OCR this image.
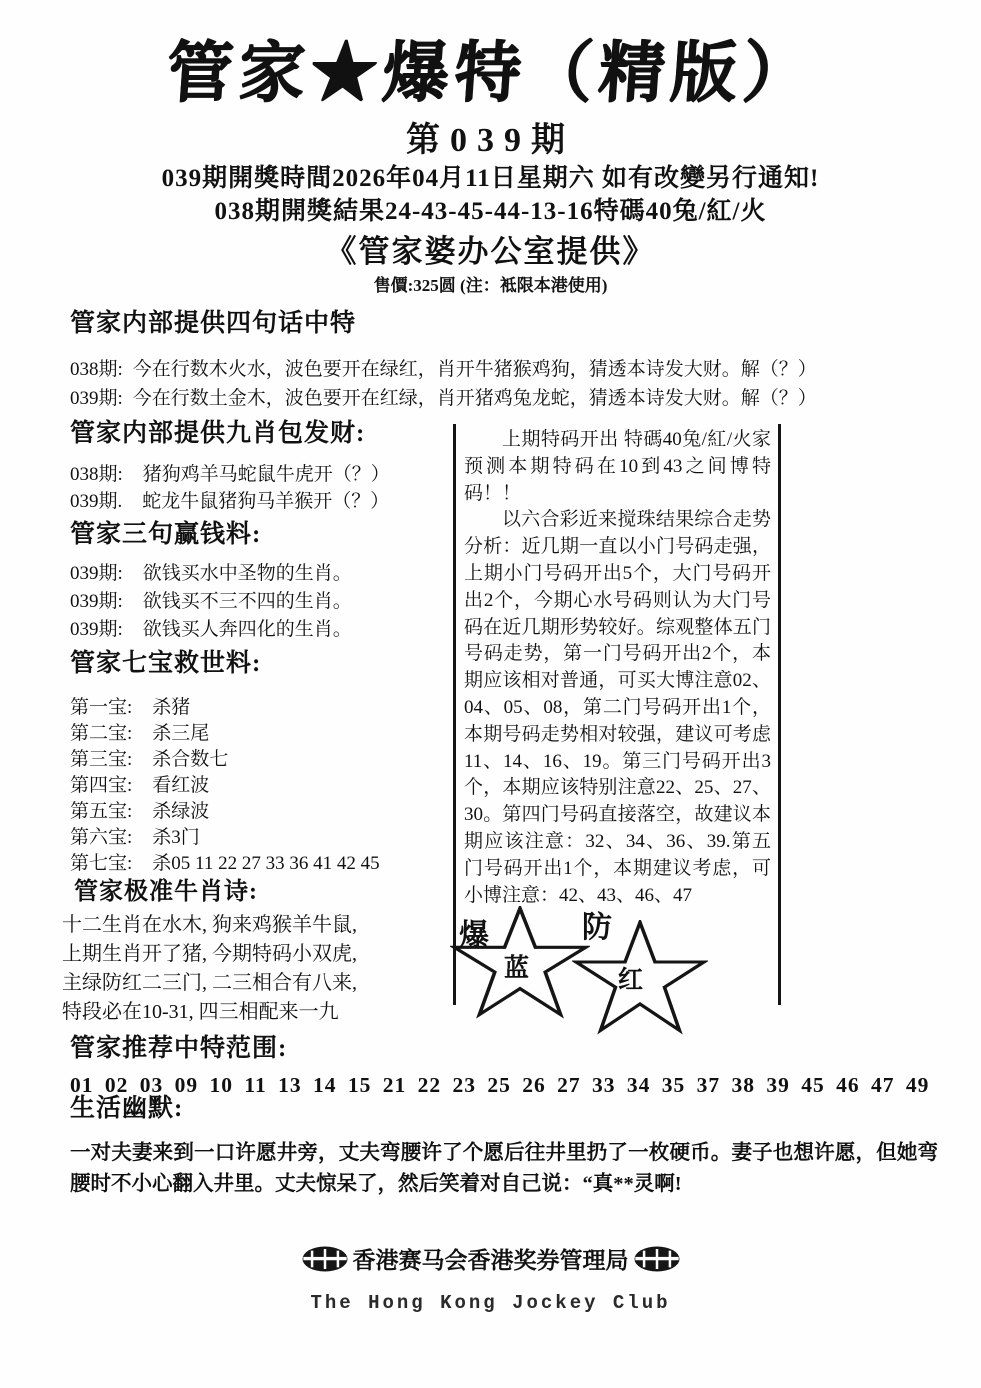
管家★爆特（精版）
第039期
039期開獎時間2026年04月11日星期六 如有改變另行通知!
038期開獎結果24-43-45-44-13-16特碼40兔/紅/火
《管家婆办公室提供》
售價:325圆 (注：袛限本港使用)
管家内部提供四句话中特
038期: 今在行数木火水，波色要开在绿红，肖开牛猪猴鸡狗，猜透本诗发大财。解（？）
039期: 今在行数土金木，波色要开在红绿，肖开猪鸡兔龙蛇，猜透本诗发大财。解（？）
管家内部提供九肖包发财:
038期: 猪狗鸡羊马蛇鼠牛虎开（？）
039期. 蛇龙牛鼠猪狗马羊猴开（？）
管家三句赢钱料:
039期: 欲钱买水中圣物的生肖。
039期: 欲钱买不三不四的生肖。
039期: 欲钱买人奔四化的生肖。
管家七宝救世料:
第一宝: 杀猪
第二宝: 杀三尾
第三宝: 杀合数七
第四宝: 看红波
第五宝: 杀绿波
第六宝: 杀3门
第七宝: 杀05 11 22 27 33 36 41 42 45
管家极准牛肖诗:
十二生肖在水木, 狗来鸡猴羊牛鼠,
上期生肖开了猪, 今期特码小双虎,
主绿防红二三门, 二三相合有八来,
特段必在10-31, 四三相配来一九

上期特码开出 特碼40兔/紅/火家预测本期特码在10到43之间博特码！！

以六合彩近来搅珠结果综合走势分析：近几期一直以小门号码走强，上期小门号码开出5个，大门号码开出2个，今期心水号码则认为大门号码在近几期形势较好。综观整体五门号码走势，第一门号码开出2个，本期应该相对普通，可买大博注意02、04、05、08，第二门号码开出1个，本期号码走势相对较强，建议可考虑11、14、16、19。第三门号码开出3个，本期应该特别注意22、25、27、30。第四门号码直接落空，故建议本期应该注意：32、34、36、39.第五门号码开出1个，本期建议考虑，可小博注意：42、43、46、47

爆
蓝
防
红
管家推荐中特范围:
01 02 03 09 10 11 13 14 15 21 22 23 25 26 27 33 34 35 37 38 39 45 46 47 49
生活幽默:
一对夫妻来到一口许愿井旁，丈夫弯腰许了个愿后往井里扔了一枚硬币。妻子也想许愿，但她弯腰时不小心翻入井里。丈夫惊呆了，然后笑着对自己说：“真**灵啊!
香港赛马会香港奖券管理局
The Hong Kong Jockey Club
